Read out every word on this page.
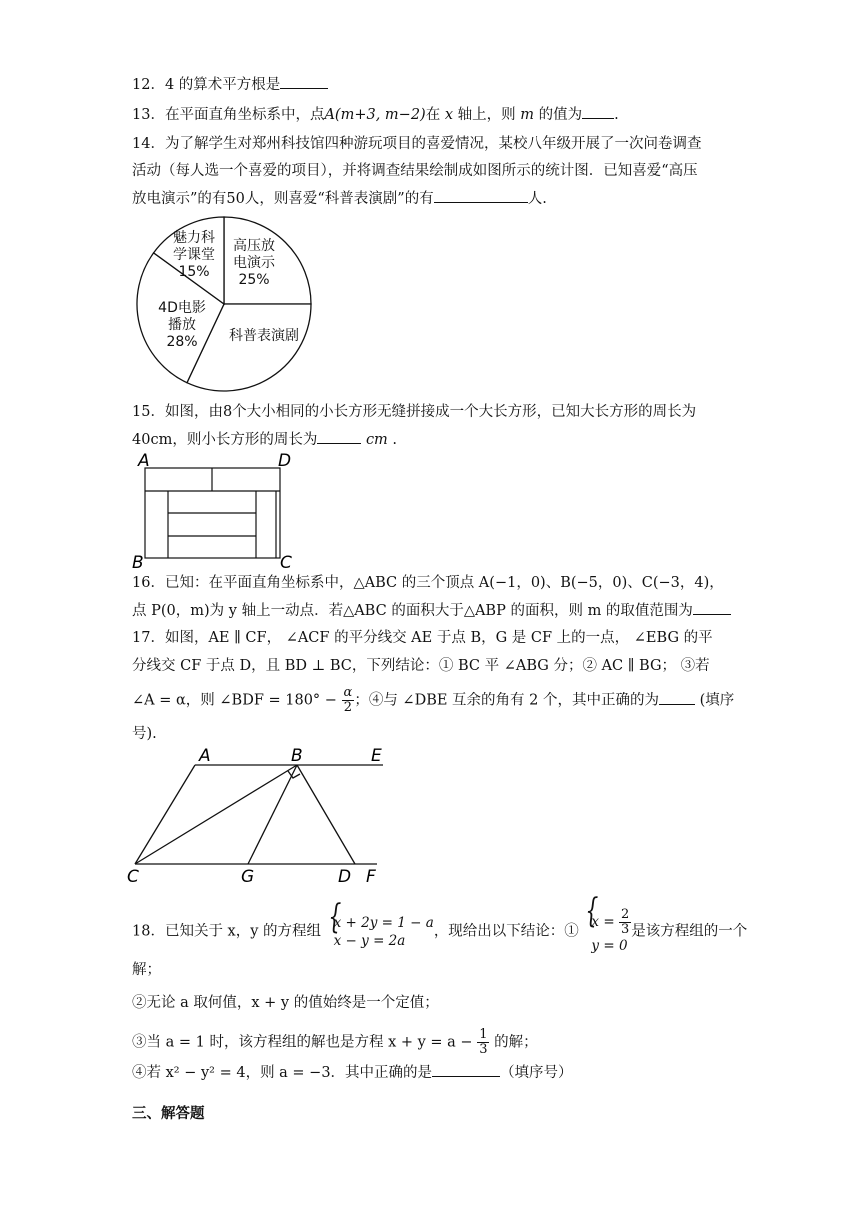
12．4 的算术平方根是
13．在平面直角坐标系中，点A(m+3, m−2)在 x 轴上，则 m 的值为 .
14．为了解学生对郑州科技馆四种游玩项目的喜爱情况，某校八年级开展了一次问卷调查
活动（每人选一个喜爱的项目），并将调查结果绘制成如图所示的统计图．已知喜爱“高压
放电演示”的有50人，则喜爱“科普表演剧”的有	人.
高压放
电演示
25%
科普表演剧
4D电影
播放
28%
魅力科
学课堂
15%
15．如图，由8个大小相同的小长方形无缝拼接成一个大长方形，已知大长方形的周长为
40cm，则小长方形的周长为	cm .
A	D
B	C
16．已知：在平面直角坐标系中，△ABC 的三个顶点 A(−1，0)、B(−5，0)、C(−3，4)，
点 P(0，m)为 y 轴上一动点．若△ABC 的面积大于△ABP 的面积，则 m 的取值范围为
17．如图，AE ∥ CF， ∠ACF 的平分线交 AE 于点 B，G 是 CF 上的一点， ∠EBG 的平
分线交 CF 于点 D，且 BD ⊥ BC，下列结论：① BC 平 ∠ABG 分；② AC ∥ BG； ③若
∠A = α，则 ∠BDF = $180^\circ - \frac{\alpha}{2}$ ；④与 ∠DBE 互余的角有 2 个，其中正确的为	(填序
号).
A	B	E
C	G	D F
18．已知关于 x，y 的方程组
{ x + 2y = 1 − a
x − y = 2a
，现给出以下结论：①
{ $x = \frac{2}{3}$
y = 0
是该方程组的一个
解；
②无论 a 取何值，x + y 的值始终是一个定值；
③当 a = 1 时，该方程组的解也是方程 $x + y = a - \frac{1}{3}$ 的解；
④若 x² − y² = 4，则 a = −3．其中正确的是	（填序号）
三、解答题
